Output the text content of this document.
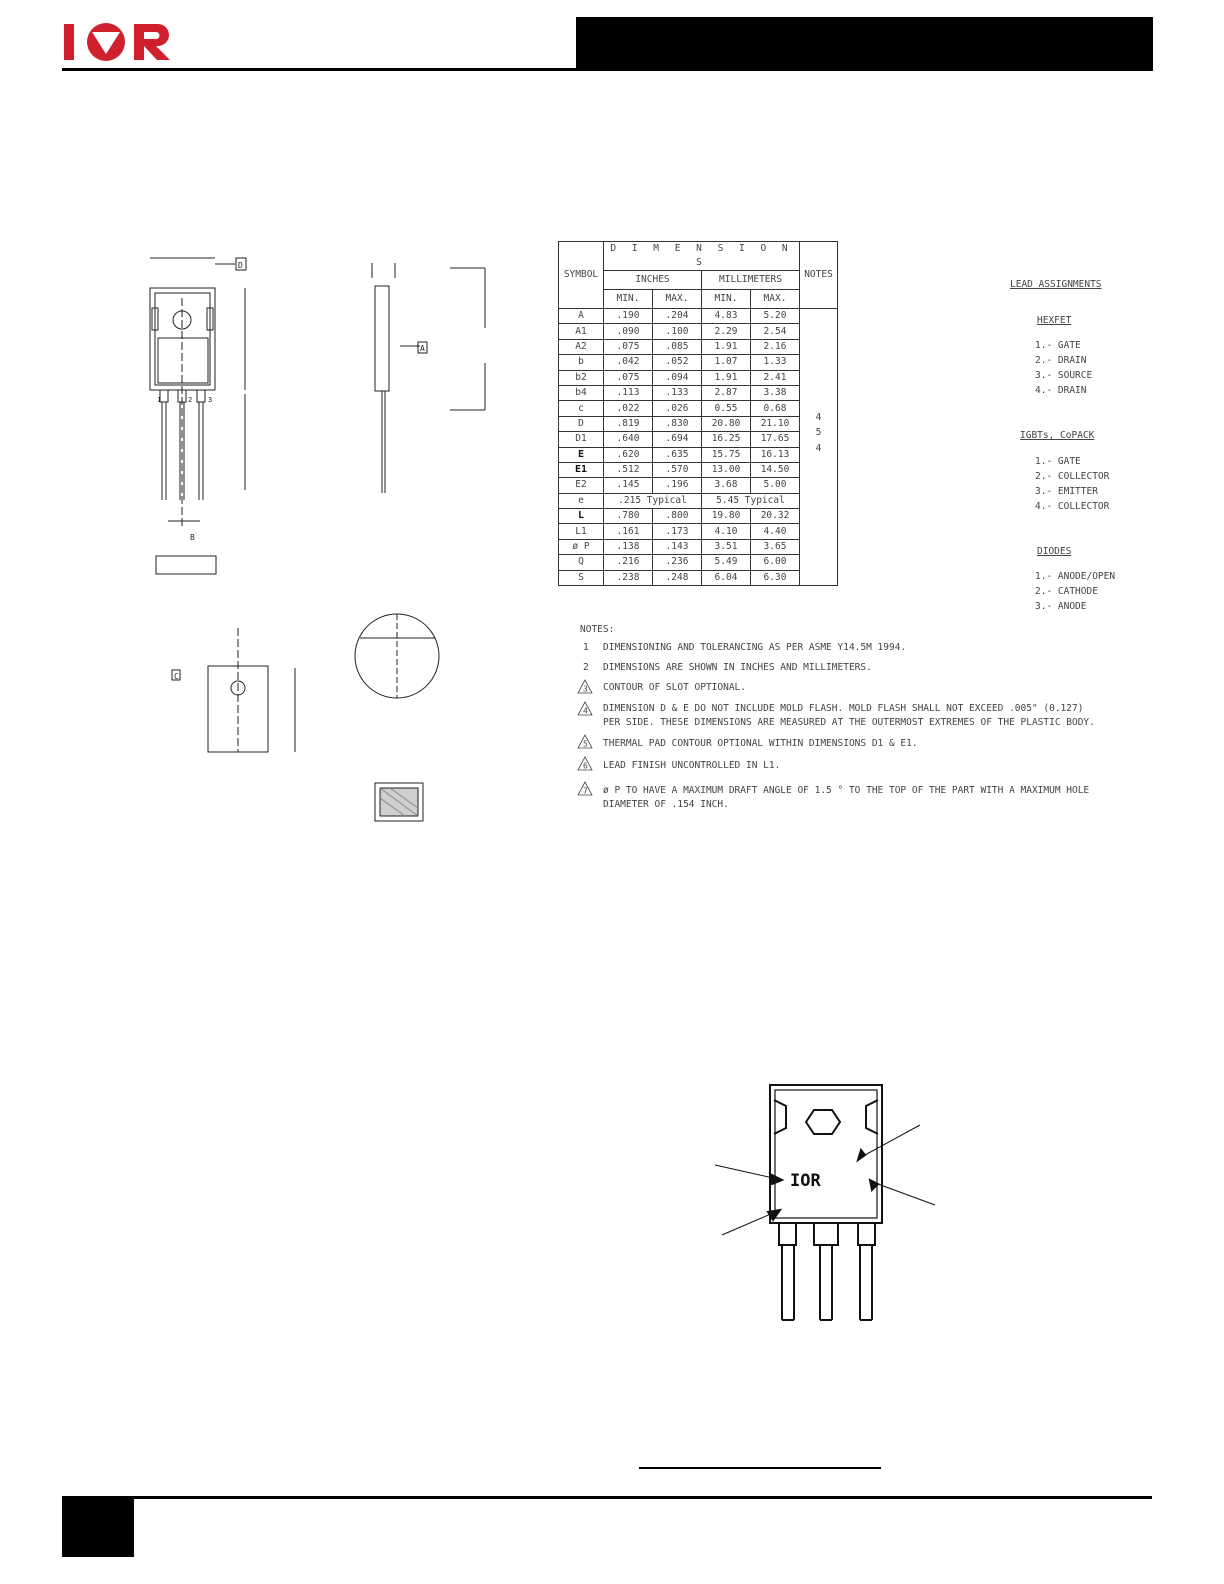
1	2 3
D
B
A
C
SYMBOL	D I M E N S I O N S				NOTES
	INCHES		MILLIMETERS		
	MIN.	MAX.	MIN.	MAX.	
A	.190	.204	4.83	5.20	4
5
4

A1	.090	.100	2.29	2.54	
A2	.075	.085	1.91	2.16	
b	.042	.052	1.07	1.33	
b2	.075	.094	1.91	2.41	
b4	.113	.133	2.87	3.38	
c	.022	.026	0.55	0.68	
D	.819	.830	20.80	21.10	
D1	.640	.694	16.25	17.65	
E	.620	.635	15.75	16.13	
E1	.512	.570	13.00	14.50	
E2	.145	.196	3.68	5.00	
e	.215 Typical		5.45 Typical		
L	.780	.800	19.80	20.32	
L1	.161	.173	4.10	4.40	
ø P	.138	.143	3.51	3.65	
Q	.216	.236	5.49	6.00	
S	.238	.248	6.04	6.30	
LEAD ASSIGNMENTS
HEXFET
1.- GATE
2.- DRAIN
3.- SOURCE
4.- DRAIN
IGBTs, CoPACK
1.- GATE
2.- COLLECTOR
3.- EMITTER
4.- COLLECTOR
DIODES
1.- ANODE/OPEN
2.- CATHODE
3.- ANODE
NOTES:
1 DIMENSIONING AND TOLERANCING AS PER ASME Y14.5M 1994.
2 DIMENSIONS ARE SHOWN IN INCHES AND MILLIMETERS.
3 CONTOUR OF SLOT OPTIONAL.
4 DIMENSION D & E DO NOT INCLUDE MOLD FLASH. MOLD FLASH SHALL NOT EXCEED .005" (0.127)
PER SIDE. THESE DIMENSIONS ARE MEASURED AT THE OUTERMOST EXTREMES OF THE PLASTIC BODY.
5 THERMAL PAD CONTOUR OPTIONAL WITHIN DIMENSIONS D1 & E1.
6 LEAD FINISH UNCONTROLLED IN L1.
7 ø P TO HAVE A MAXIMUM DRAFT ANGLE OF 1.5 ° TO THE TOP OF THE PART WITH A MAXIMUM HOLE
DIAMETER OF .154 INCH.
IOR
